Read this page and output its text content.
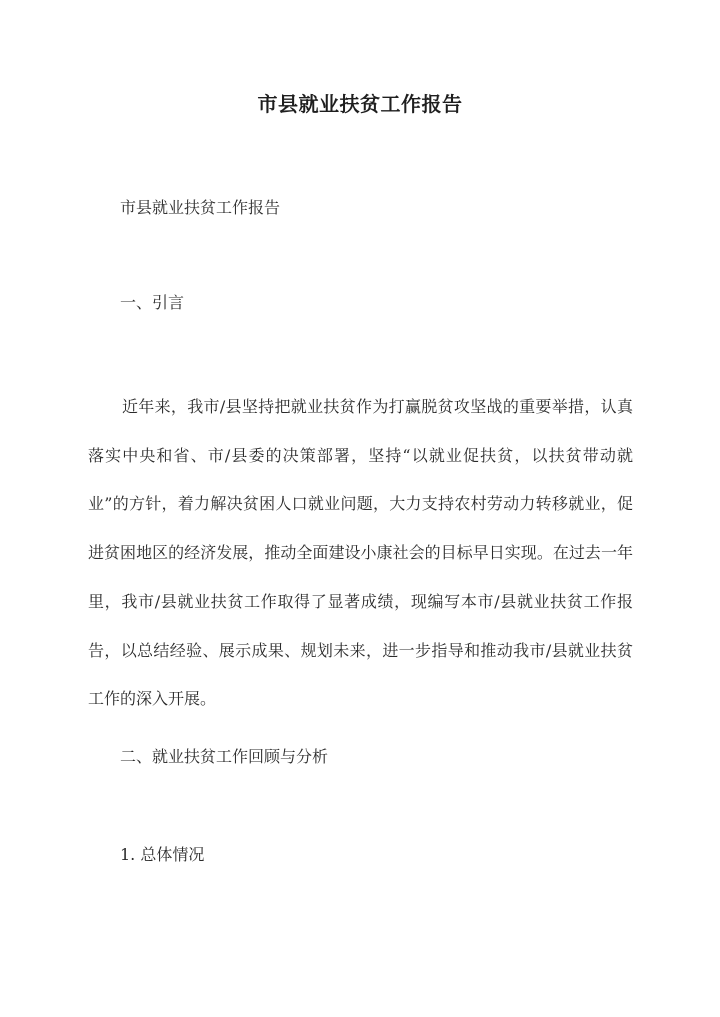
市县就业扶贫工作报告
市县就业扶贫工作报告
一、引言

近年来，我市/县坚持把就业扶贫作为打赢脱贫攻坚战的重要举措，认真落实中央和省、市/县委的决策部署，坚持“以就业促扶贫，以扶贫带动就业”的方针，着力解决贫困人口就业问题，大力支持农村劳动力转移就业，促进贫困地区的经济发展，推动全面建设小康社会的目标早日实现。在过去一年里，我市/县就业扶贫工作取得了显著成绩，现编写本市/县就业扶贫工作报告，以总结经验、展示成果、规划未来，进一步指导和推动我市/县就业扶贫工作的深入开展。

二、就业扶贫工作回顾与分析
1. 总体情况
